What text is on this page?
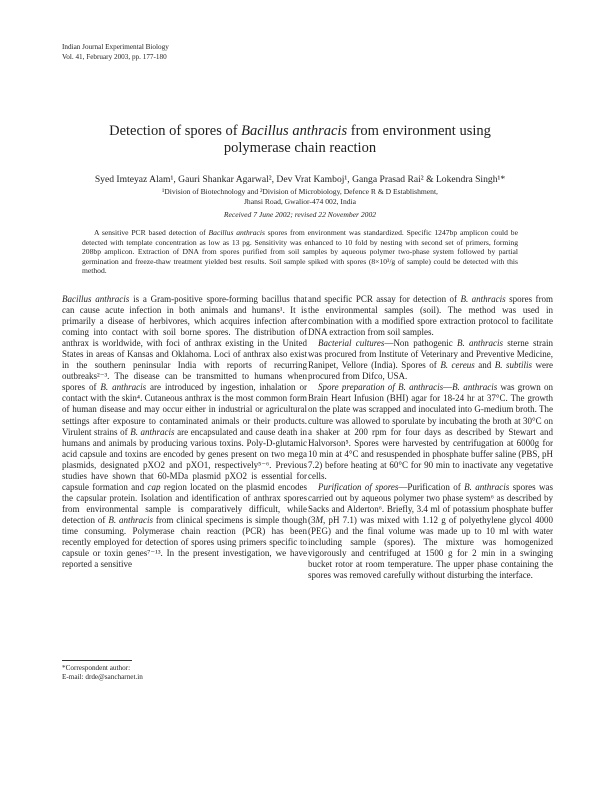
Indian Journal Experimental Biology
Vol. 41, February 2003, pp. 177-180
Detection of spores of Bacillus anthracis from environment using
polymerase chain reaction
Syed Imteyaz Alam¹, Gauri Shankar Agarwal², Dev Vrat Kamboj¹, Ganga Prasad Rai² & Lokendra Singh¹*
¹Division of Biotechnology and ²Division of Microbiology, Defence R & D Establishment,
Jhansi Road, Gwalior-474 002, India
Received 7 June 2002; revised 22 November 2002
A sensitive PCR based detection of Bacillus anthracis spores from environment was standardized. Specific 1247bp amplicon could be detected with template concentration as low as 13 pg. Sensitivity was enhanced to 10 fold by nesting with second set of primers, forming 208bp amplicon. Extraction of DNA from spores purified from soil samples by aqueous polymer two-phase system followed by partial germination and freeze-thaw treatment yielded best results. Soil sample spiked with spores (8×10³/g of sample) could be detected with this method.

Bacillus anthracis is a Gram-positive spore-forming bacillus that can cause acute infection in both animals and humans¹. It is primarily a disease of herbivores, which acquires infection after coming into contact with soil borne spores. The distribution of anthrax is worldwide, with foci of anthrax existing in the United States in areas of Kansas and Oklahoma. Loci of anthrax also exist in the southern peninsular India with reports of recurring outbreaks²⁻³. The disease can be transmitted to humans when spores of B. anthracis are introduced by ingestion, inhalation or contact with the skin⁴. Cutaneous anthrax is the most common form of human disease and may occur either in industrial or agricultural settings after exposure to contaminated animals or their products. Virulent strains of B. anthracis are encapsulated and cause death in humans and animals by producing various toxins. Poly-D-glutamic acid capsule and toxins are encoded by genes present on two mega plasmids, designated pXO2 and pXO1, respectively⁵⁻⁶. Previous studies have shown that 60-MDa plasmid pXO2 is essential for capsule formation and cap region located on the plasmid encodes the capsular protein. Isolation and identification of anthrax spores from environmental sample is comparatively difficult, while detection of B. anthracis from clinical specimens is simple though time consuming. Polymerase chain reaction (PCR) has been recently employed for detection of spores using primers specific to capsule or toxin genes⁷⁻¹³. In the present investigation, we have reported a sensitive

and specific PCR assay for detection of B. anthracis spores from the environmental samples (soil). The method was used in combination with a modified spore extraction protocol to facilitate DNA extraction from soil samples.

Bacterial cultures—Non pathogenic B. anthracis sterne strain was procured from Institute of Veterinary and Preventive Medicine, Ranipet, Vellore (India). Spores of B. cereus and B. subtilis were procured from Difco, USA.

Spore preparation of B. anthracis—B. anthracis was grown on Brain Heart Infusion (BHI) agar for 18-24 hr at 37°C. The growth on the plate was scrapped and inoculated into G-medium broth. The culture was allowed to sporulate by incubating the broth at 30°C on a shaker at 200 rpm for four days as described by Stewart and Halvorson⁵. Spores were harvested by centrifugation at 6000g for 10 min at 4°C and resuspended in phosphate buffer saline (PBS, pH 7.2) before heating at 60°C for 90 min to inactivate any vegetative cells.

Purification of spores—Purification of B. anthracis spores was carried out by aqueous polymer two phase system⁶ as described by Sacks and Alderton⁶. Briefly, 3.4 ml of potassium phosphate buffer (3M, pH 7.1) was mixed with 1.12 g of polyethylene glycol 4000 (PEG) and the final volume was made up to 10 ml with water including sample (spores). The mixture was homogenized vigorously and centrifuged at 1500 g for 2 min in a swinging bucket rotor at room temperature. The upper phase containing the spores was removed carefully without disturbing the interface.

*Correspondent author:
E-mail: drde@sancharnet.in
